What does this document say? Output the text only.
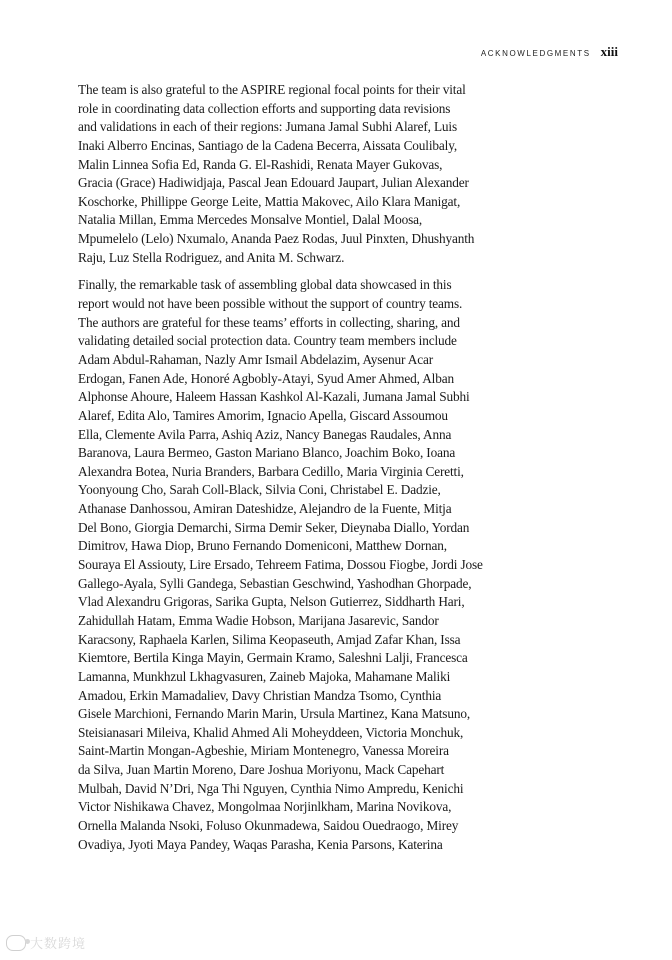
ACKNOWLEDGMENTS xiii
The team is also grateful to the ASPIRE regional focal points for their vital
role in coordinating data collection efforts and supporting data revisions
and validations in each of their regions: Jumana Jamal Subhi Alaref, Luis
Inaki Alberro Encinas, Santiago de la Cadena Becerra, Aissata Coulibaly,
Malin Linnea Sofia Ed, Randa G. El-Rashidi, Renata Mayer Gukovas,
Gracia (Grace) Hadiwidjaja, Pascal Jean Edouard Jaupart, Julian Alexander
Koschorke, Phillippe George Leite, Mattia Makovec, Ailo Klara Manigat,
Natalia Millan, Emma Mercedes Monsalve Montiel, Dalal Moosa,
Mpumelelo (Lelo) Nxumalo, Ananda Paez Rodas, Juul Pinxten, Dhushyanth
Raju, Luz Stella Rodriguez, and Anita M. Schwarz.
Finally, the remarkable task of assembling global data showcased in this
report would not have been possible without the support of country teams.
The authors are grateful for these teams’ efforts in collecting, sharing, and
validating detailed social protection data. Country team members include
Adam Abdul-Rahaman, Nazly Amr Ismail Abdelazim, Aysenur Acar
Erdogan, Fanen Ade, Honoré Agbobly-Atayi, Syud Amer Ahmed, Alban
Alphonse Ahoure, Haleem Hassan Kashkol Al-Kazali, Jumana Jamal Subhi
Alaref, Edita Alo, Tamires Amorim, Ignacio Apella, Giscard Assoumou
Ella, Clemente Avila Parra, Ashiq Aziz, Nancy Banegas Raudales, Anna
Baranova, Laura Bermeo, Gaston Mariano Blanco, Joachim Boko, Ioana
Alexandra Botea, Nuria Branders, Barbara Cedillo, Maria Virginia Ceretti,
Yoonyoung Cho, Sarah Coll-Black, Silvia Coni, Christabel E. Dadzie,
Athanase Danhossou, Amiran Dateshidze, Alejandro de la Fuente, Mitja
Del Bono, Giorgia Demarchi, Sirma Demir Seker, Dieynaba Diallo, Yordan
Dimitrov, Hawa Diop, Bruno Fernando Domeniconi, Matthew Dornan,
Souraya El Assiouty, Lire Ersado, Tehreem Fatima, Dossou Fiogbe, Jordi Jose
Gallego-Ayala, Sylli Gandega, Sebastian Geschwind, Yashodhan Ghorpade,
Vlad Alexandru Grigoras, Sarika Gupta, Nelson Gutierrez, Siddharth Hari,
Zahidullah Hatam, Emma Wadie Hobson, Marijana Jasarevic, Sandor
Karacsony, Raphaela Karlen, Silima Keopaseuth, Amjad Zafar Khan, Issa
Kiemtore, Bertila Kinga Mayin, Germain Kramo, Saleshni Lalji, Francesca
Lamanna, Munkhzul Lkhagvasuren, Zaineb Majoka, Mahamane Maliki
Amadou, Erkin Mamadaliev, Davy Christian Mandza Tsomo, Cynthia
Gisele Marchioni, Fernando Marin Marin, Ursula Martinez, Kana Matsuno,
Steisianasari Mileiva, Khalid Ahmed Ali Moheyddeen, Victoria Monchuk,
Saint-Martin Mongan-Agbeshie, Miriam Montenegro, Vanessa Moreira
da Silva, Juan Martin Moreno, Dare Joshua Moriyonu, Mack Capehart
Mulbah, David N’Dri, Nga Thi Nguyen, Cynthia Nimo Ampredu, Kenichi
Victor Nishikawa Chavez, Mongolmaa Norjinlkham, Marina Novikova,
Ornella Malanda Nsoki, Foluso Okunmadewa, Saidou Ouedraogo, Mirey
Ovadiya, Jyoti Maya Pandey, Waqas Parasha, Kenia Parsons, Katerina
大数跨境
